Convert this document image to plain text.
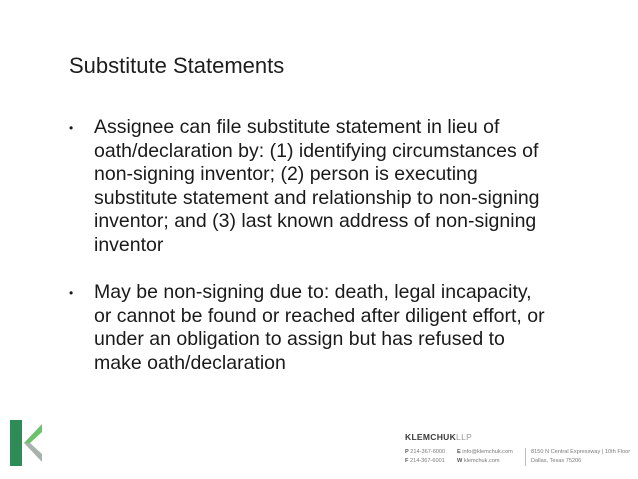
Substitute Statements
• Assignee can file substitute statement in lieu of oath/declaration by: (1) identifying circumstances of non-signing inventor; (2) person is executing substitute statement and relationship to non-signing inventor; and (3) last known address of non-signing inventor
• May be non-signing due to: death, legal incapacity, or cannot be found or reached after diligent effort, or under an obligation to assign but has refused to make oath/declaration
KLEMCHUKLLP
P 214-367-6000
F 214-367-6001
E info@klemchuk.com
W klemchuk.com
8150 N Central Expressway | 10th Floor
Dallas, Texas 75206
